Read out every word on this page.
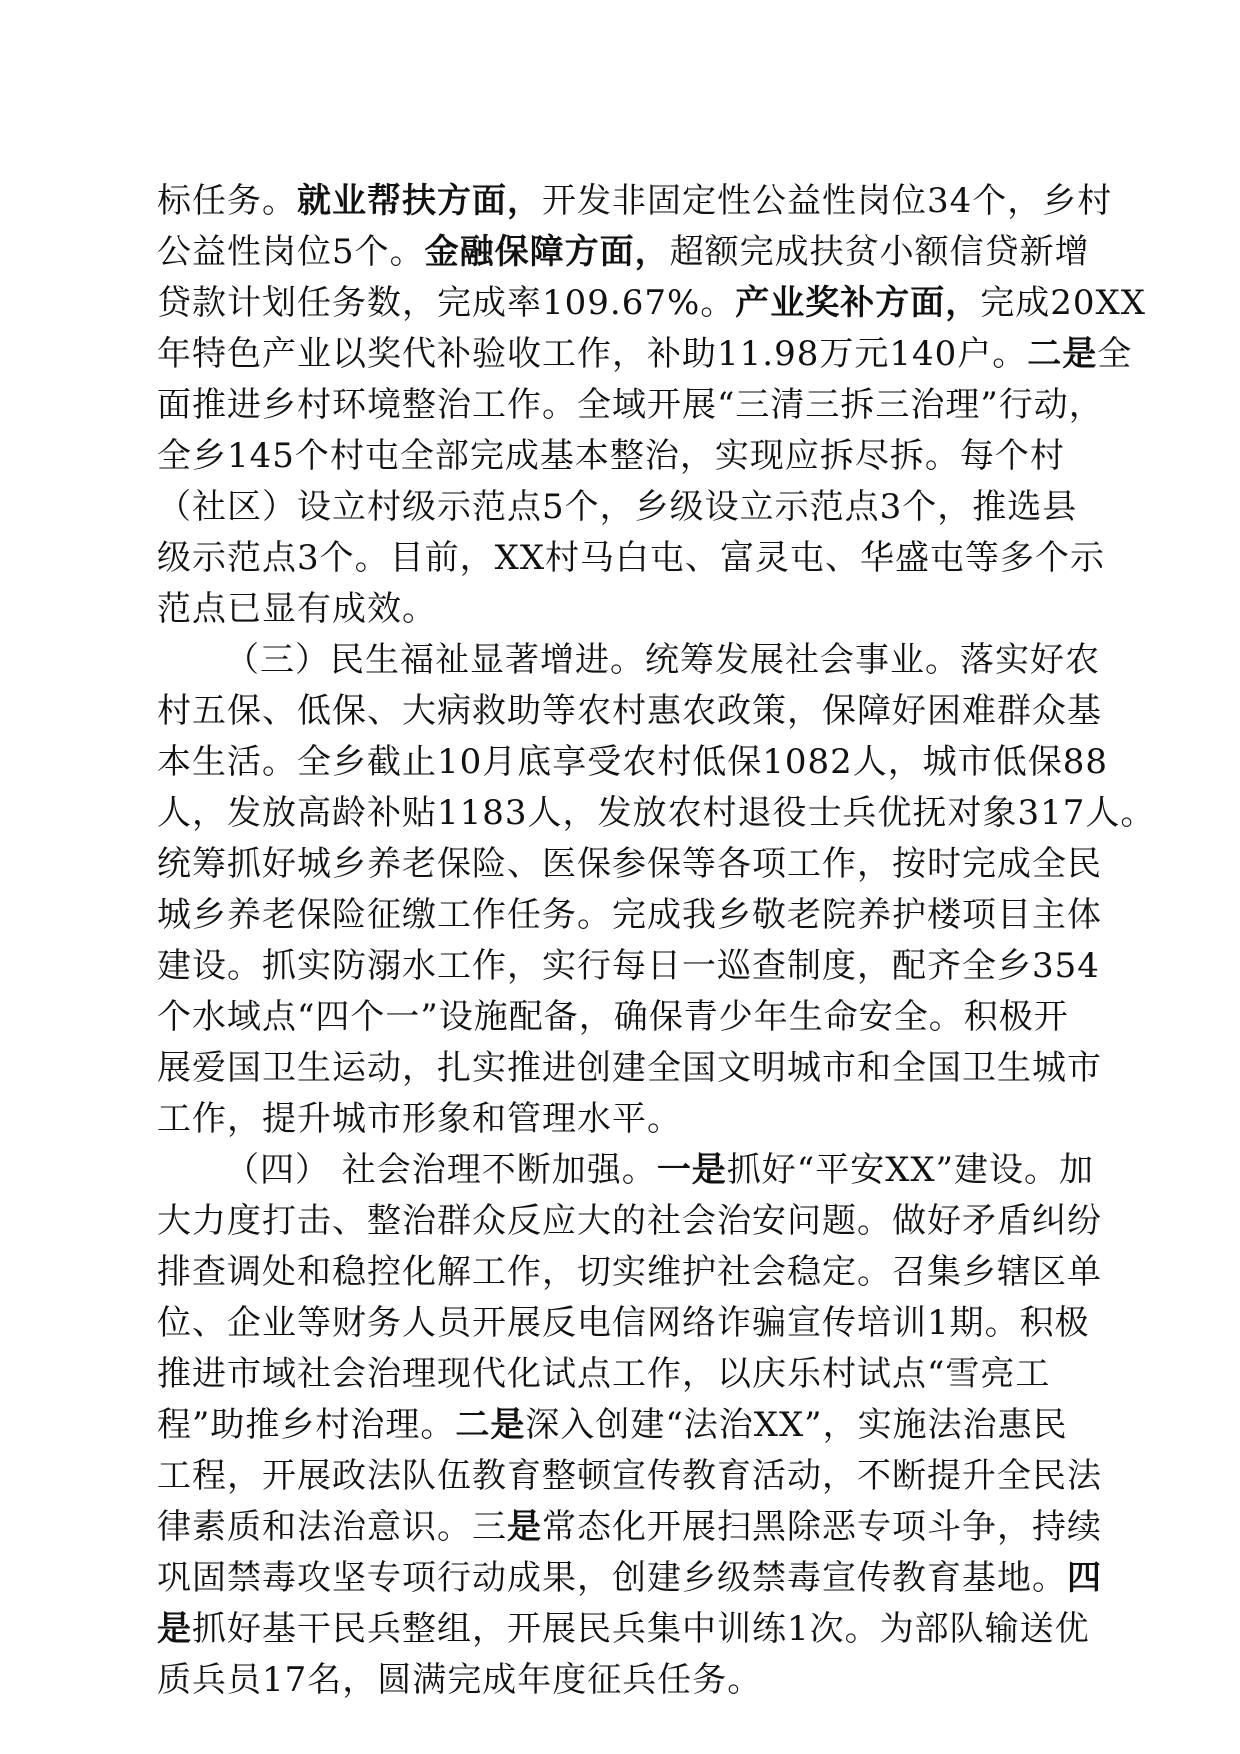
标任务。就业帮扶方面，开发非固定性公益性岗位34个，乡村
公益性岗位5个。金融保障方面，超额完成扶贫小额信贷新增
贷款计划任务数，完成率109.67%。产业奖补方面，完成20XX
年特色产业以奖代补验收工作，补助11.98万元140户。二是全
面推进乡村环境整治工作。全域开展“三清三拆三治理”行动，
全乡145个村屯全部完成基本整治，实现应拆尽拆。每个村
（社区）设立村级示范点5个，乡级设立示范点3个，推选县
级示范点3个。目前，XX村马白屯、富灵屯、华盛屯等多个示
范点已显有成效。
（三）民生福祉显著增进。统筹发展社会事业。落实好农
村五保、低保、大病救助等农村惠农政策，保障好困难群众基
本生活。全乡截止10月底享受农村低保1082人，城市低保88
人，发放高龄补贴1183人，发放农村退役士兵优抚对象317人。
统筹抓好城乡养老保险、医保参保等各项工作，按时完成全民
城乡养老保险征缴工作任务。完成我乡敬老院养护楼项目主体
建设。抓实防溺水工作，实行每日一巡查制度，配齐全乡354
个水域点“四个一”设施配备，确保青少年生命安全。积极开
展爱国卫生运动，扎实推进创建全国文明城市和全国卫生城市
工作，提升城市形象和管理水平。
（四） 社会治理不断加强。一是抓好“平安XX”建设。加
大力度打击、整治群众反应大的社会治安问题。做好矛盾纠纷
排查调处和稳控化解工作，切实维护社会稳定。召集乡辖区单
位、企业等财务人员开展反电信网络诈骗宣传培训1期。积极
推进市域社会治理现代化试点工作，以庆乐村试点“雪亮工
程”助推乡村治理。二是深入创建“法治XX”，实施法治惠民
工程，开展政法队伍教育整顿宣传教育活动，不断提升全民法
律素质和法治意识。三是常态化开展扫黑除恶专项斗争，持续
巩固禁毒攻坚专项行动成果，创建乡级禁毒宣传教育基地。四
是抓好基干民兵整组，开展民兵集中训练1次。为部队输送优
质兵员17名，圆满完成年度征兵任务。
